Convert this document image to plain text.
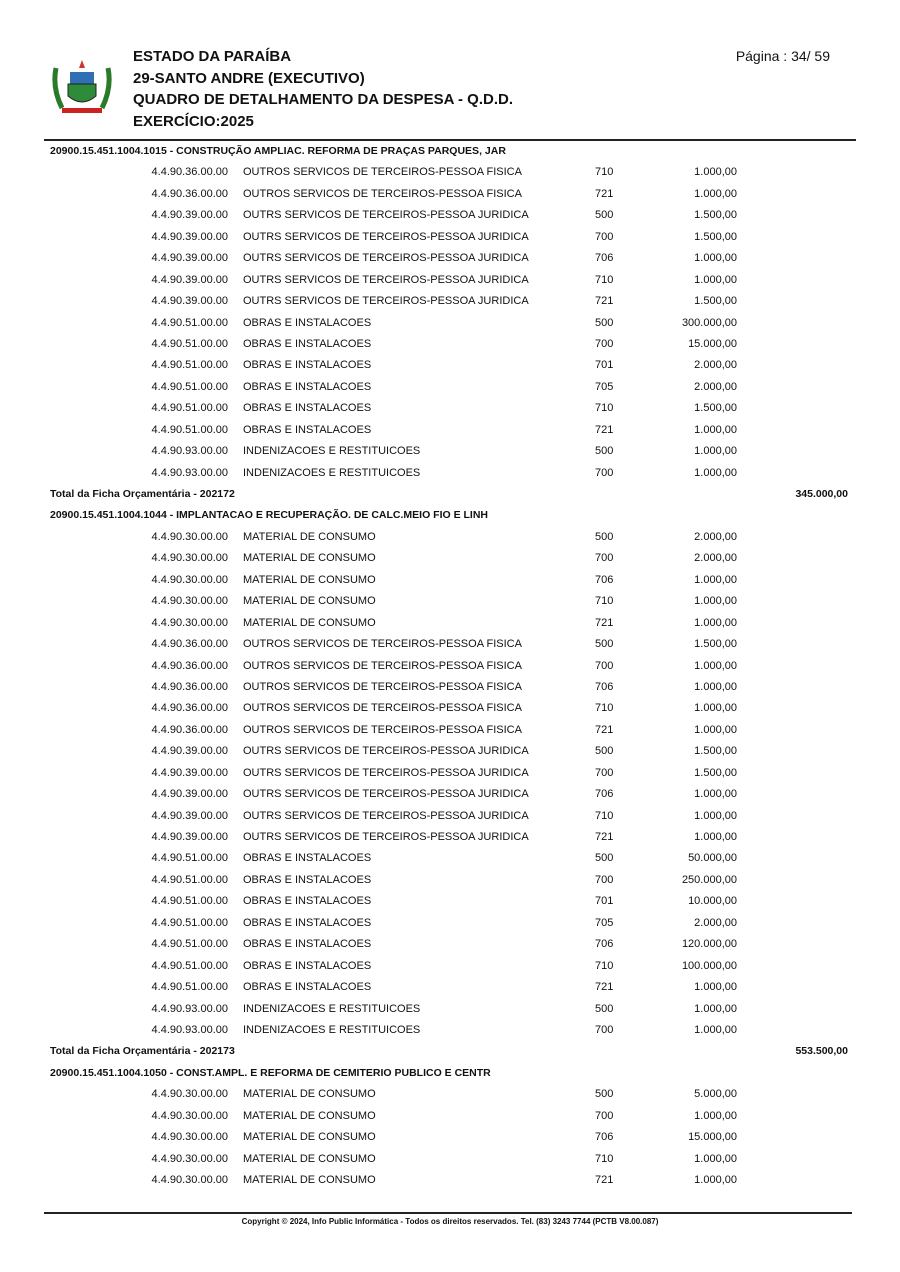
ESTADO DA PARAÍBA
29-SANTO ANDRE (EXECUTIVO)
QUADRO DE DETALHAMENTO DA DESPESA - Q.D.D.
EXERCÍCIO:2025
Página : 34/ 59
20900.15.451.1004.1015 - CONSTRUÇÃO AMPLIAC. REFORMA DE PRAÇAS PARQUES, JAR
4.4.90.36.00.00 OUTROS SERVICOS DE TERCEIROS-PESSOA FISICA	710	1.000,00
4.4.90.36.00.00 OUTROS SERVICOS DE TERCEIROS-PESSOA FISICA	721	1.000,00
4.4.90.39.00.00 OUTRS SERVICOS DE TERCEIROS-PESSOA JURIDICA	500	1.500,00
4.4.90.39.00.00 OUTRS SERVICOS DE TERCEIROS-PESSOA JURIDICA	700	1.500,00
4.4.90.39.00.00 OUTRS SERVICOS DE TERCEIROS-PESSOA JURIDICA	706	1.000,00
4.4.90.39.00.00 OUTRS SERVICOS DE TERCEIROS-PESSOA JURIDICA	710	1.000,00
4.4.90.39.00.00 OUTRS SERVICOS DE TERCEIROS-PESSOA JURIDICA	721	1.500,00
4.4.90.51.00.00 OBRAS E INSTALACOES	500	300.000,00
4.4.90.51.00.00 OBRAS E INSTALACOES	700	15.000,00
4.4.90.51.00.00 OBRAS E INSTALACOES	701	2.000,00
4.4.90.51.00.00 OBRAS E INSTALACOES	705	2.000,00
4.4.90.51.00.00 OBRAS E INSTALACOES	710	1.500,00
4.4.90.51.00.00 OBRAS E INSTALACOES	721	1.000,00
4.4.90.93.00.00 INDENIZACOES E RESTITUICOES	500	1.000,00
4.4.90.93.00.00 INDENIZACOES E RESTITUICOES	700	1.000,00
Total da Ficha Orçamentária - 202172	345.000,00
20900.15.451.1004.1044 - IMPLANTACAO E RECUPERAÇÃO. DE CALC.MEIO FIO E LINH
4.4.90.30.00.00 MATERIAL DE CONSUMO	500	2.000,00
4.4.90.30.00.00 MATERIAL DE CONSUMO	700	2.000,00
4.4.90.30.00.00 MATERIAL DE CONSUMO	706	1.000,00
4.4.90.30.00.00 MATERIAL DE CONSUMO	710	1.000,00
4.4.90.30.00.00 MATERIAL DE CONSUMO	721	1.000,00
4.4.90.36.00.00 OUTROS SERVICOS DE TERCEIROS-PESSOA FISICA	500	1.500,00
4.4.90.36.00.00 OUTROS SERVICOS DE TERCEIROS-PESSOA FISICA	700	1.000,00
4.4.90.36.00.00 OUTROS SERVICOS DE TERCEIROS-PESSOA FISICA	706	1.000,00
4.4.90.36.00.00 OUTROS SERVICOS DE TERCEIROS-PESSOA FISICA	710	1.000,00
4.4.90.36.00.00 OUTROS SERVICOS DE TERCEIROS-PESSOA FISICA	721	1.000,00
4.4.90.39.00.00 OUTRS SERVICOS DE TERCEIROS-PESSOA JURIDICA	500	1.500,00
4.4.90.39.00.00 OUTRS SERVICOS DE TERCEIROS-PESSOA JURIDICA	700	1.500,00
4.4.90.39.00.00 OUTRS SERVICOS DE TERCEIROS-PESSOA JURIDICA	706	1.000,00
4.4.90.39.00.00 OUTRS SERVICOS DE TERCEIROS-PESSOA JURIDICA	710	1.000,00
4.4.90.39.00.00 OUTRS SERVICOS DE TERCEIROS-PESSOA JURIDICA	721	1.000,00
4.4.90.51.00.00 OBRAS E INSTALACOES	500	50.000,00
4.4.90.51.00.00 OBRAS E INSTALACOES	700	250.000,00
4.4.90.51.00.00 OBRAS E INSTALACOES	701	10.000,00
4.4.90.51.00.00 OBRAS E INSTALACOES	705	2.000,00
4.4.90.51.00.00 OBRAS E INSTALACOES	706	120.000,00
4.4.90.51.00.00 OBRAS E INSTALACOES	710	100.000,00
4.4.90.51.00.00 OBRAS E INSTALACOES	721	1.000,00
4.4.90.93.00.00 INDENIZACOES E RESTITUICOES	500	1.000,00
4.4.90.93.00.00 INDENIZACOES E RESTITUICOES	700	1.000,00
Total da Ficha Orçamentária - 202173	553.500,00
20900.15.451.1004.1050 - CONST.AMPL. E REFORMA DE CEMITERIO PUBLICO E CENTR
4.4.90.30.00.00 MATERIAL DE CONSUMO	500	5.000,00
4.4.90.30.00.00 MATERIAL DE CONSUMO	700	1.000,00
4.4.90.30.00.00 MATERIAL DE CONSUMO	706	15.000,00
4.4.90.30.00.00 MATERIAL DE CONSUMO	710	1.000,00
4.4.90.30.00.00 MATERIAL DE CONSUMO	721	1.000,00
Copyright © 2024, Info Public Informática - Todos os direitos reservados. Tel. (83) 3243 7744 (PCTB V8.00.087)
